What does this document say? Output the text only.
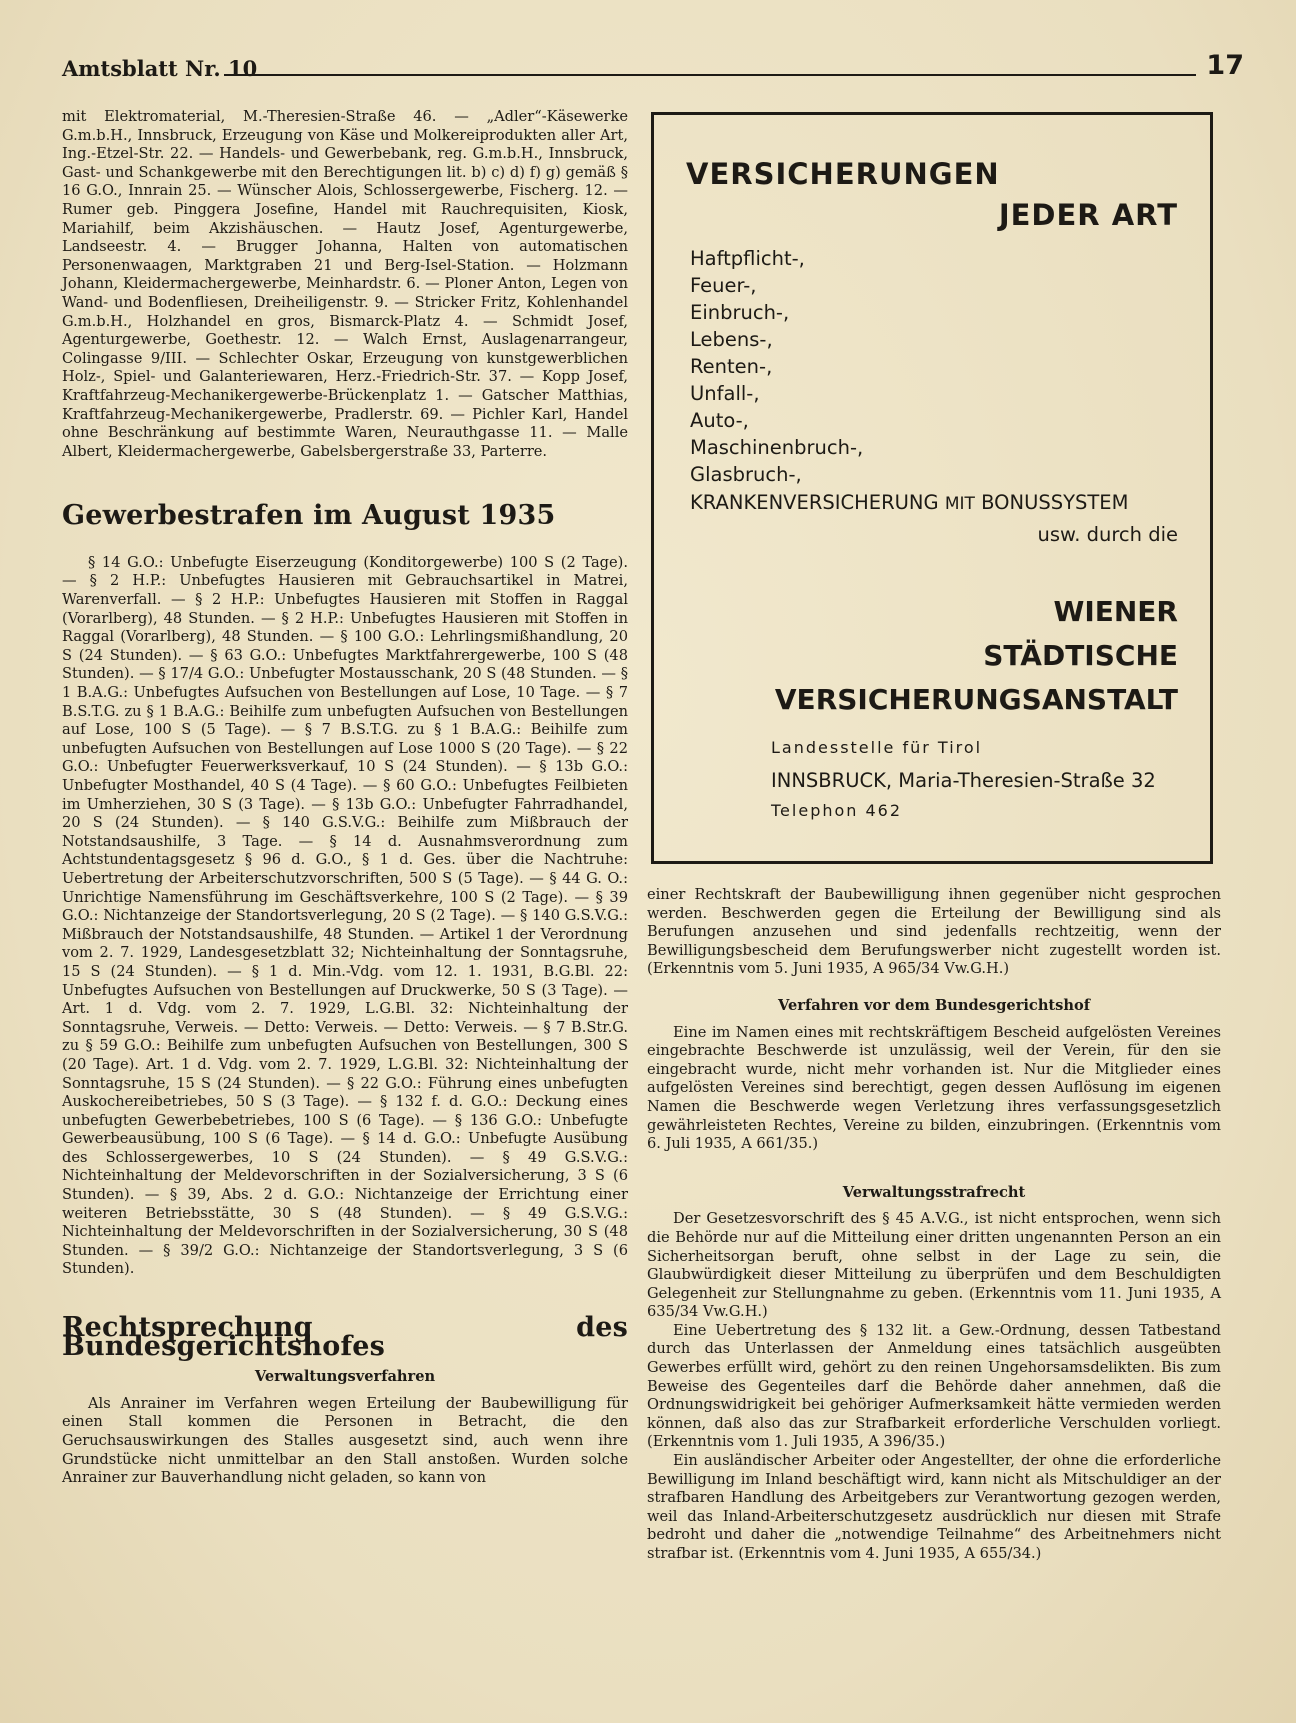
Amtsblatt Nr. 10	17

mit Elektromaterial, M.-Theresien-Straße 46. — „Adler“-Käsewerke G.m.b.H., Innsbruck, Erzeugung von Käse und Molkereiprodukten aller Art, Ing.-Etzel-Str. 22. — Handels- und Gewerbebank, reg. G.m.b.H., Innsbruck, Gast- und Schankgewerbe mit den Berechtigungen lit. b) c) d) f) g) gemäß § 16 G.O., Innrain 25. — Wünscher Alois, Schlossergewerbe, Fischerg. 12. — Rumer geb. Pinggera Josefine, Handel mit Rauchrequisiten, Kiosk, Mariahilf, beim Akzishäuschen. — Hautz Josef, Agenturgewerbe, Landseestr. 4. — Brugger Johanna, Halten von automatischen Personenwaagen, Marktgraben 21 und Berg-Isel-Station. — Holzmann Johann, Kleidermachergewerbe, Meinhardstr. 6. — Ploner Anton, Legen von Wand- und Bodenfliesen, Dreiheiligenstr. 9. — Stricker Fritz, Kohlenhandel G.m.b.H., Holzhandel en gros, Bismarck-Platz 4. — Schmidt Josef, Agenturgewerbe, Goethestr. 12. — Walch Ernst, Auslagenarrangeur, Colingasse 9/III. — Schlechter Oskar, Erzeugung von kunstgewerblichen Holz-, Spiel- und Galanteriewaren, Herz.-Friedrich-Str. 37. — Kopp Josef, Kraftfahrzeug-Mechanikergewerbe-Brückenplatz 1. — Gatscher Matthias, Kraftfahrzeug-Mechanikergewerbe, Pradlerstr. 69. — Pichler Karl, Handel ohne Beschränkung auf bestimmte Waren, Neurauthgasse 11. — Malle Albert, Kleidermachergewerbe, Gabelsbergerstraße 33, Parterre.

Gewerbestrafen im August 1935

§ 14 G.O.: Unbefugte Eiserzeugung (Konditorgewerbe) 100 S (2 Tage). — § 2 H.P.: Unbefugtes Hausieren mit Gebrauchsartikel in Matrei, Warenverfall. — § 2 H.P.: Unbefugtes Hausieren mit Stoffen in Raggal (Vorarlberg), 48 Stunden. — § 2 H.P.: Unbefugtes Hausieren mit Stoffen in Raggal (Vorarlberg), 48 Stunden. — § 100 G.O.: Lehrlingsmißhandlung, 20 S (24 Stunden). — § 63 G.O.: Unbefugtes Marktfahrergewerbe, 100 S (48 Stunden). — § 17/4 G.O.: Unbefugter Mostausschank, 20 S (48 Stunden. — § 1 B.A.G.: Unbefugtes Aufsuchen von Bestellungen auf Lose, 10 Tage. — § 7 B.S.T.G. zu § 1 B.A.G.: Beihilfe zum unbefugten Aufsuchen von Bestellungen auf Lose, 100 S (5 Tage). — § 7 B.S.T.G. zu § 1 B.A.G.: Beihilfe zum unbefugten Aufsuchen von Bestellungen auf Lose 1000 S (20 Tage). — § 22 G.O.: Unbefugter Feuerwerksverkauf, 10 S (24 Stunden). — § 13b G.O.: Unbefugter Mosthandel, 40 S (4 Tage). — § 60 G.O.: Unbefugtes Feilbieten im Umherziehen, 30 S (3 Tage). — § 13b G.O.: Unbefugter Fahrradhandel, 20 S (24 Stunden). — § 140 G.S.V.G.: Beihilfe zum Mißbrauch der Notstandsaushilfe, 3 Tage. — § 14 d. Ausnahmsverordnung zum Achtstundentagsgesetz § 96 d. G.O., § 1 d. Ges. über die Nachtruhe: Uebertretung der Arbeiterschutzvorschriften, 500 S (5 Tage). — § 44 G. O.: Unrichtige Namensführung im Geschäftsverkehre, 100 S (2 Tage). — § 39 G.O.: Nichtanzeige der Standortsverlegung, 20 S (2 Tage). — § 140 G.S.V.G.: Mißbrauch der Notstandsaushilfe, 48 Stunden. — Artikel 1 der Verordnung vom 2. 7. 1929, Landesgesetzblatt 32; Nichteinhaltung der Sonntagsruhe, 15 S (24 Stunden). — § 1 d. Min.-Vdg. vom 12. 1. 1931, B.G.Bl. 22: Unbefugtes Aufsuchen von Bestellungen auf Druckwerke, 50 S (3 Tage). — Art. 1 d. Vdg. vom 2. 7. 1929, L.G.Bl. 32: Nichteinhaltung der Sonntagsruhe, Verweis. — Detto: Verweis. — Detto: Verweis. — § 7 B.Str.G. zu § 59 G.O.: Beihilfe zum unbefugten Aufsuchen von Bestellungen, 300 S (20 Tage). Art. 1 d. Vdg. vom 2. 7. 1929, L.G.Bl. 32: Nichteinhaltung der Sonntagsruhe, 15 S (24 Stunden). — § 22 G.O.: Führung eines unbefugten Auskochereibetriebes, 50 S (3 Tage). — § 132 f. d. G.O.: Deckung eines unbefugten Gewerbebetriebes, 100 S (6 Tage). — § 136 G.O.: Unbefugte Gewerbeausübung, 100 S (6 Tage). — § 14 d. G.O.: Unbefugte Ausübung des Schlossergewerbes, 10 S (24 Stunden). — § 49 G.S.V.G.: Nichteinhaltung der Meldevorschriften in der Sozialversicherung, 3 S (6 Stunden). — § 39, Abs. 2 d. G.O.: Nichtanzeige der Errichtung einer weiteren Betriebsstätte, 30 S (48 Stunden). — § 49 G.S.V.G.: Nichteinhaltung der Meldevorschriften in der Sozialversicherung, 30 S (48 Stunden. — § 39/2 G.O.: Nichtanzeige der Standortsverlegung, 3 S (6 Stunden).

Rechtsprechung des Bundesgerichtshofes

Verwaltungsverfahren

Als Anrainer im Verfahren wegen Erteilung der Baubewilligung für einen Stall kommen die Personen in Betracht, die den Geruchsauswirkungen des Stalles ausgesetzt sind, auch wenn ihre Grundstücke nicht unmittelbar an den Stall anstoßen. Wurden solche Anrainer zur Bauverhandlung nicht geladen, so kann von

VERSICHERUNGEN
JEDER ART
Haftpflicht-,
Feuer-,
Einbruch-,
Lebens-,
Renten-,
Unfall-,
Auto-,
Maschinenbruch-,
Glasbruch-,
KRANKENVERSICHERUNG MIT BONUSSYSTEM
usw. durch die
WIENER
STÄDTISCHE
VERSICHERUNGSANSTALT
Landesstelle für Tirol
INNSBRUCK, Maria-Theresien-Straße 32
Telephon 462

einer Rechtskraft der Baubewilligung ihnen gegenüber nicht gesprochen werden. Beschwerden gegen die Erteilung der Bewilligung sind als Berufungen anzusehen und sind jedenfalls rechtzeitig, wenn der Bewilligungsbescheid dem Berufungswerber nicht zugestellt worden ist. (Erkenntnis vom 5. Juni 1935, A 965/34 Vw.G.H.)

Verfahren vor dem Bundesgerichtshof

Eine im Namen eines mit rechtskräftigem Bescheid aufgelösten Vereines eingebrachte Beschwerde ist unzulässig, weil der Verein, für den sie eingebracht wurde, nicht mehr vorhanden ist. Nur die Mitglieder eines aufgelösten Vereines sind berechtigt, gegen dessen Auflösung im eigenen Namen die Beschwerde wegen Verletzung ihres verfassungsgesetzlich gewährleisteten Rechtes, Vereine zu bilden, einzubringen. (Erkenntnis vom 6. Juli 1935, A 661/35.)

Verwaltungsstrafrecht

Der Gesetzesvorschrift des § 45 A.V.G., ist nicht entsprochen, wenn sich die Behörde nur auf die Mitteilung einer dritten ungenannten Person an ein Sicherheitsorgan beruft, ohne selbst in der Lage zu sein, die Glaubwürdigkeit dieser Mitteilung zu überprüfen und dem Beschuldigten Gelegenheit zur Stellungnahme zu geben. (Erkenntnis vom 11. Juni 1935, A 635/34 Vw.G.H.)

Eine Uebertretung des § 132 lit. a Gew.-Ordnung, dessen Tatbestand durch das Unterlassen der Anmeldung eines tatsächlich ausgeübten Gewerbes erfüllt wird, gehört zu den reinen Ungehorsamsdelikten. Bis zum Beweise des Gegenteiles darf die Behörde daher annehmen, daß die Ordnungswidrigkeit bei gehöriger Aufmerksamkeit hätte vermieden werden können, daß also das zur Strafbarkeit erforderliche Verschulden vorliegt. (Erkenntnis vom 1. Juli 1935, A 396/35.)

Ein ausländischer Arbeiter oder Angestellter, der ohne die erforderliche Bewilligung im Inland beschäftigt wird, kann nicht als Mitschuldiger an der strafbaren Handlung des Arbeitgebers zur Verantwortung gezogen werden, weil das Inland-Arbeiterschutzgesetz ausdrücklich nur diesen mit Strafe bedroht und daher die „notwendige Teilnahme“ des Arbeitnehmers nicht strafbar ist. (Erkenntnis vom 4. Juni 1935, A 655/34.)
